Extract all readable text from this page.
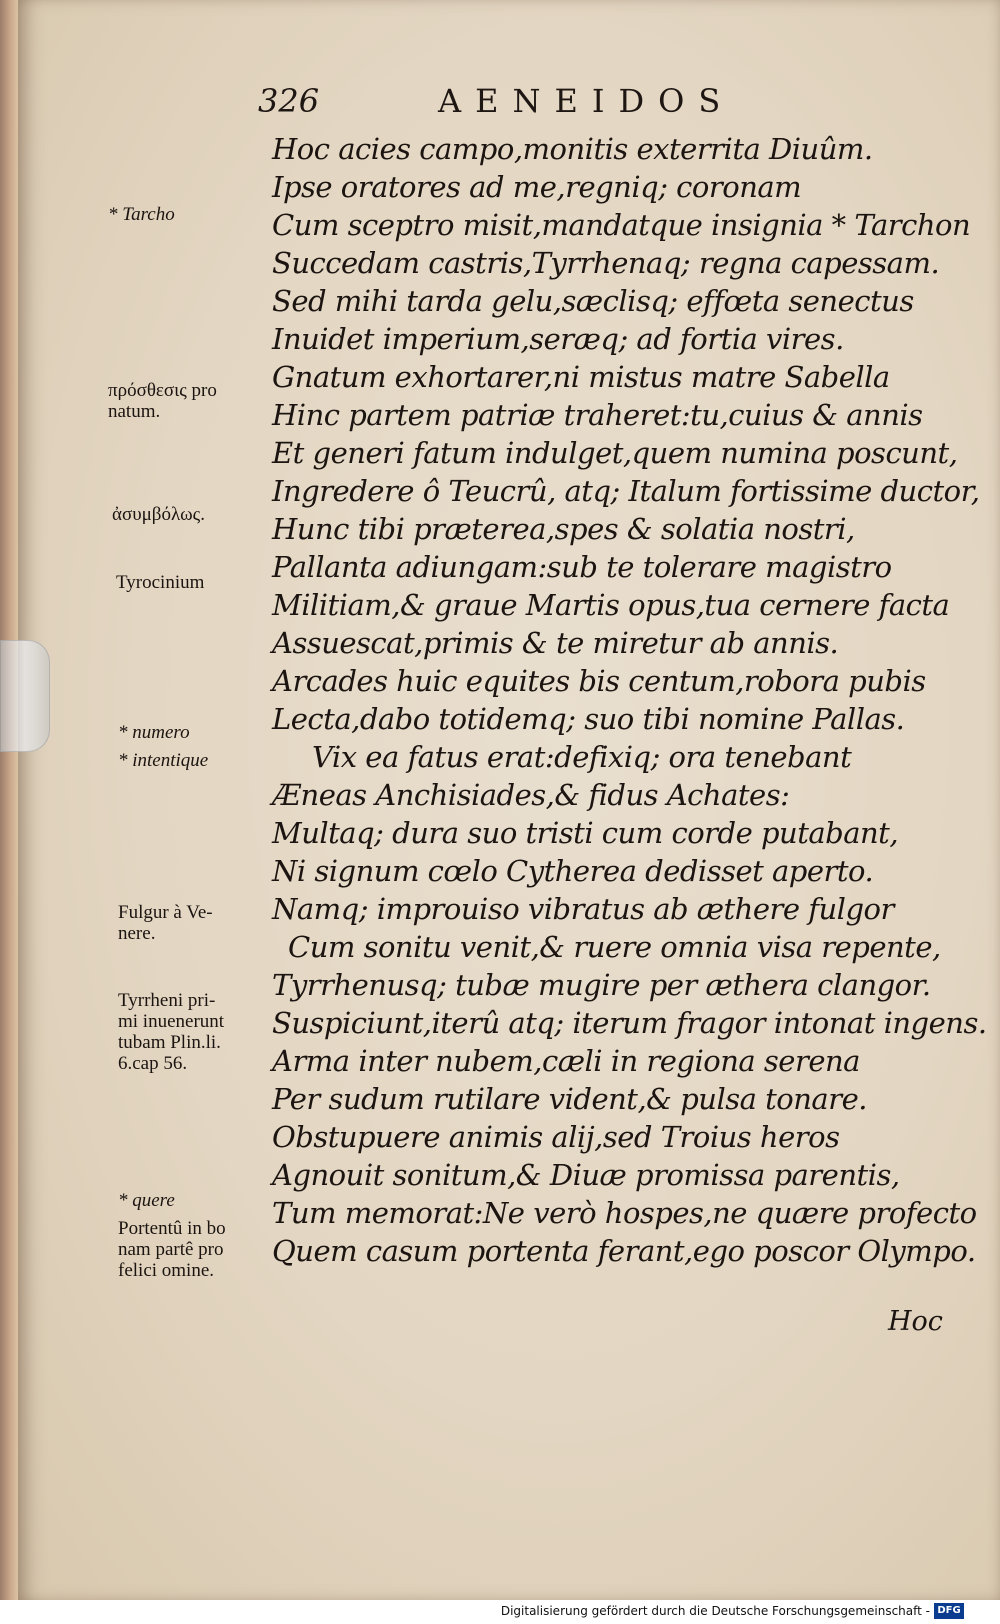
326	AENEIDOS
Hoc acies campo,monitis exterrita Diuûm.
Ipse oratores ad me,regniq; coronam
Cum sceptro misit,mandatque insignia * Tarchon
Succedam castris,Tyrrhenaq; regna capessam.
Sed mihi tarda gelu,sæclisq; effœta senectus
Inuidet imperium,seræq; ad fortia vires.
Gnatum exhortarer,ni mistus matre Sabella
Hinc partem patriæ traheret:tu,cuius & annis
Et generi fatum indulget,quem numina poscunt,
Ingredere ô Teucrû, atq; Italum fortissime ductor,
Hunc tibi præterea,spes & solatia nostri,
Pallanta adiungam:sub te tolerare magistro
Militiam,& graue Martis opus,tua cernere facta
Assuescat,primis & te miretur ab annis.
Arcades huic equites bis centum,robora pubis
Lecta,dabo totidemq; suo tibi nomine Pallas.
Vix ea fatus erat:defixiq; ora tenebant
Æneas Anchisiades,& fidus Achates:
Multaq; dura suo tristi cum corde putabant,
Ni signum cœlo Cytherea dedisset aperto.
Namq; improuiso vibratus ab æthere fulgor
Cum sonitu venit,& ruere omnia visa repente,
Tyrrhenusq; tubæ mugire per æthera clangor.
Suspiciunt,iterû atq; iterum fragor intonat ingens.
Arma inter nubem,cæli in regiona serena
Per sudum rutilare vident,& pulsa tonare.
Obstupuere animis alij,sed Troius heros
Agnouit sonitum,& Diuæ promissa parentis,
Tum memorat:Ne verò hospes,ne quære profecto
Quem casum portenta ferant,ego poscor Olympo.
* Tarcho
πρόσθεσις pro
natum.
ἀσυμβόλως.
Tyrocinium
* numero
* intentique
Fulgur à Ve-
nere.
Tyrrheni pri-
mi inuenerunt
tubam Plin.li.
6.cap 56.
* quere
Portentû in bo
nam partê pro
felici omine.
Hoc
Digitalisierung gefördert durch die Deutsche Forschungsgemeinschaft - DFG
